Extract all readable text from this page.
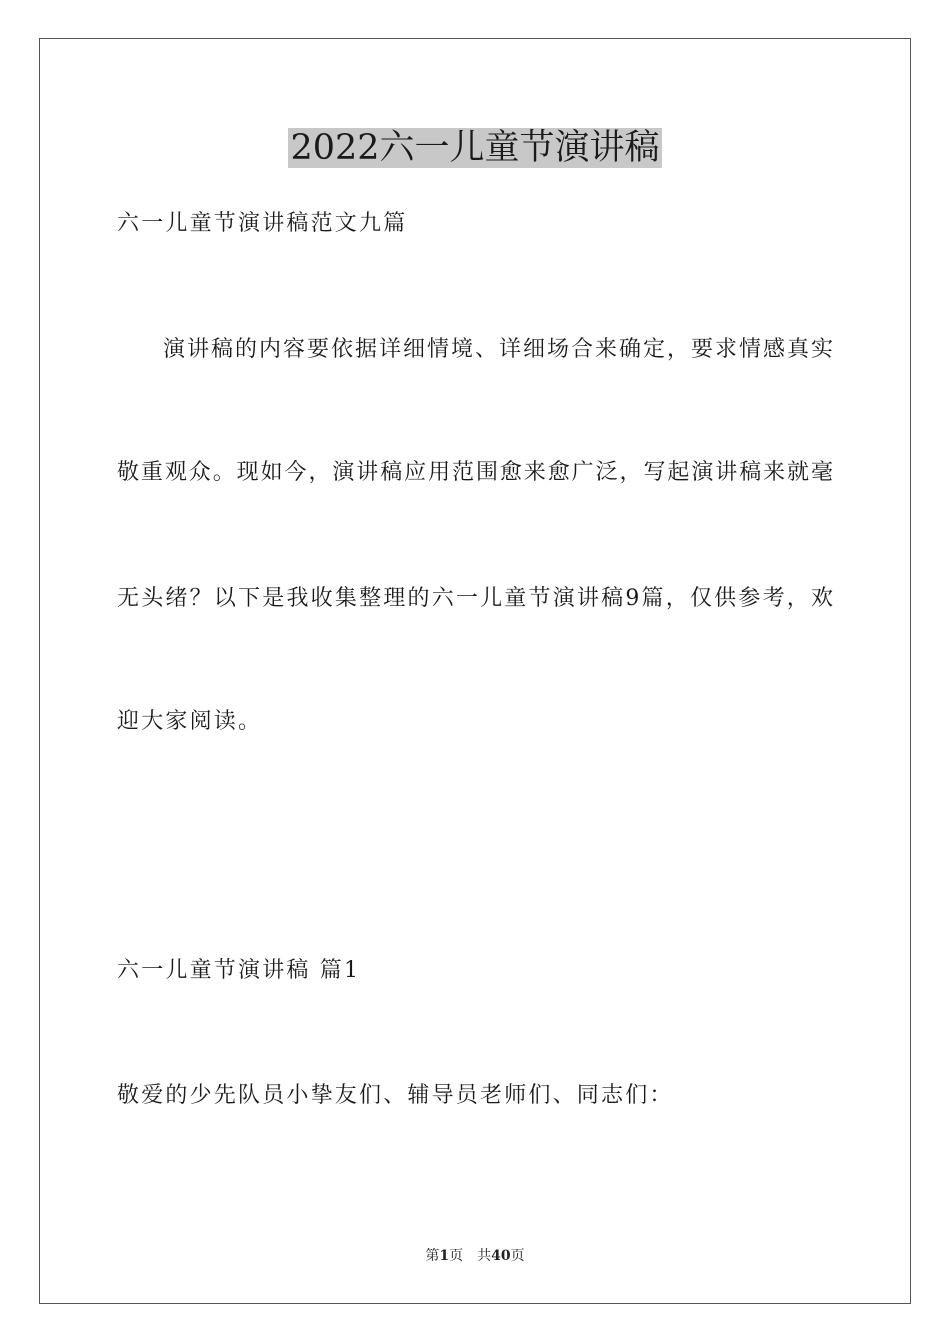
2022六一儿童节演讲稿
六一儿童节演讲稿范文九篇
演讲稿的内容要依据详细情境、详细场合来确定，要求情感真实
敬重观众。现如今，演讲稿应用范围愈来愈广泛，写起演讲稿来就毫
无头绪？以下是我收集整理的六一儿童节演讲稿9篇，仅供参考，欢
迎大家阅读。
六一儿童节演讲稿 篇1
敬爱的少先队员小挚友们、辅导员老师们、同志们：
第1页 共40页
